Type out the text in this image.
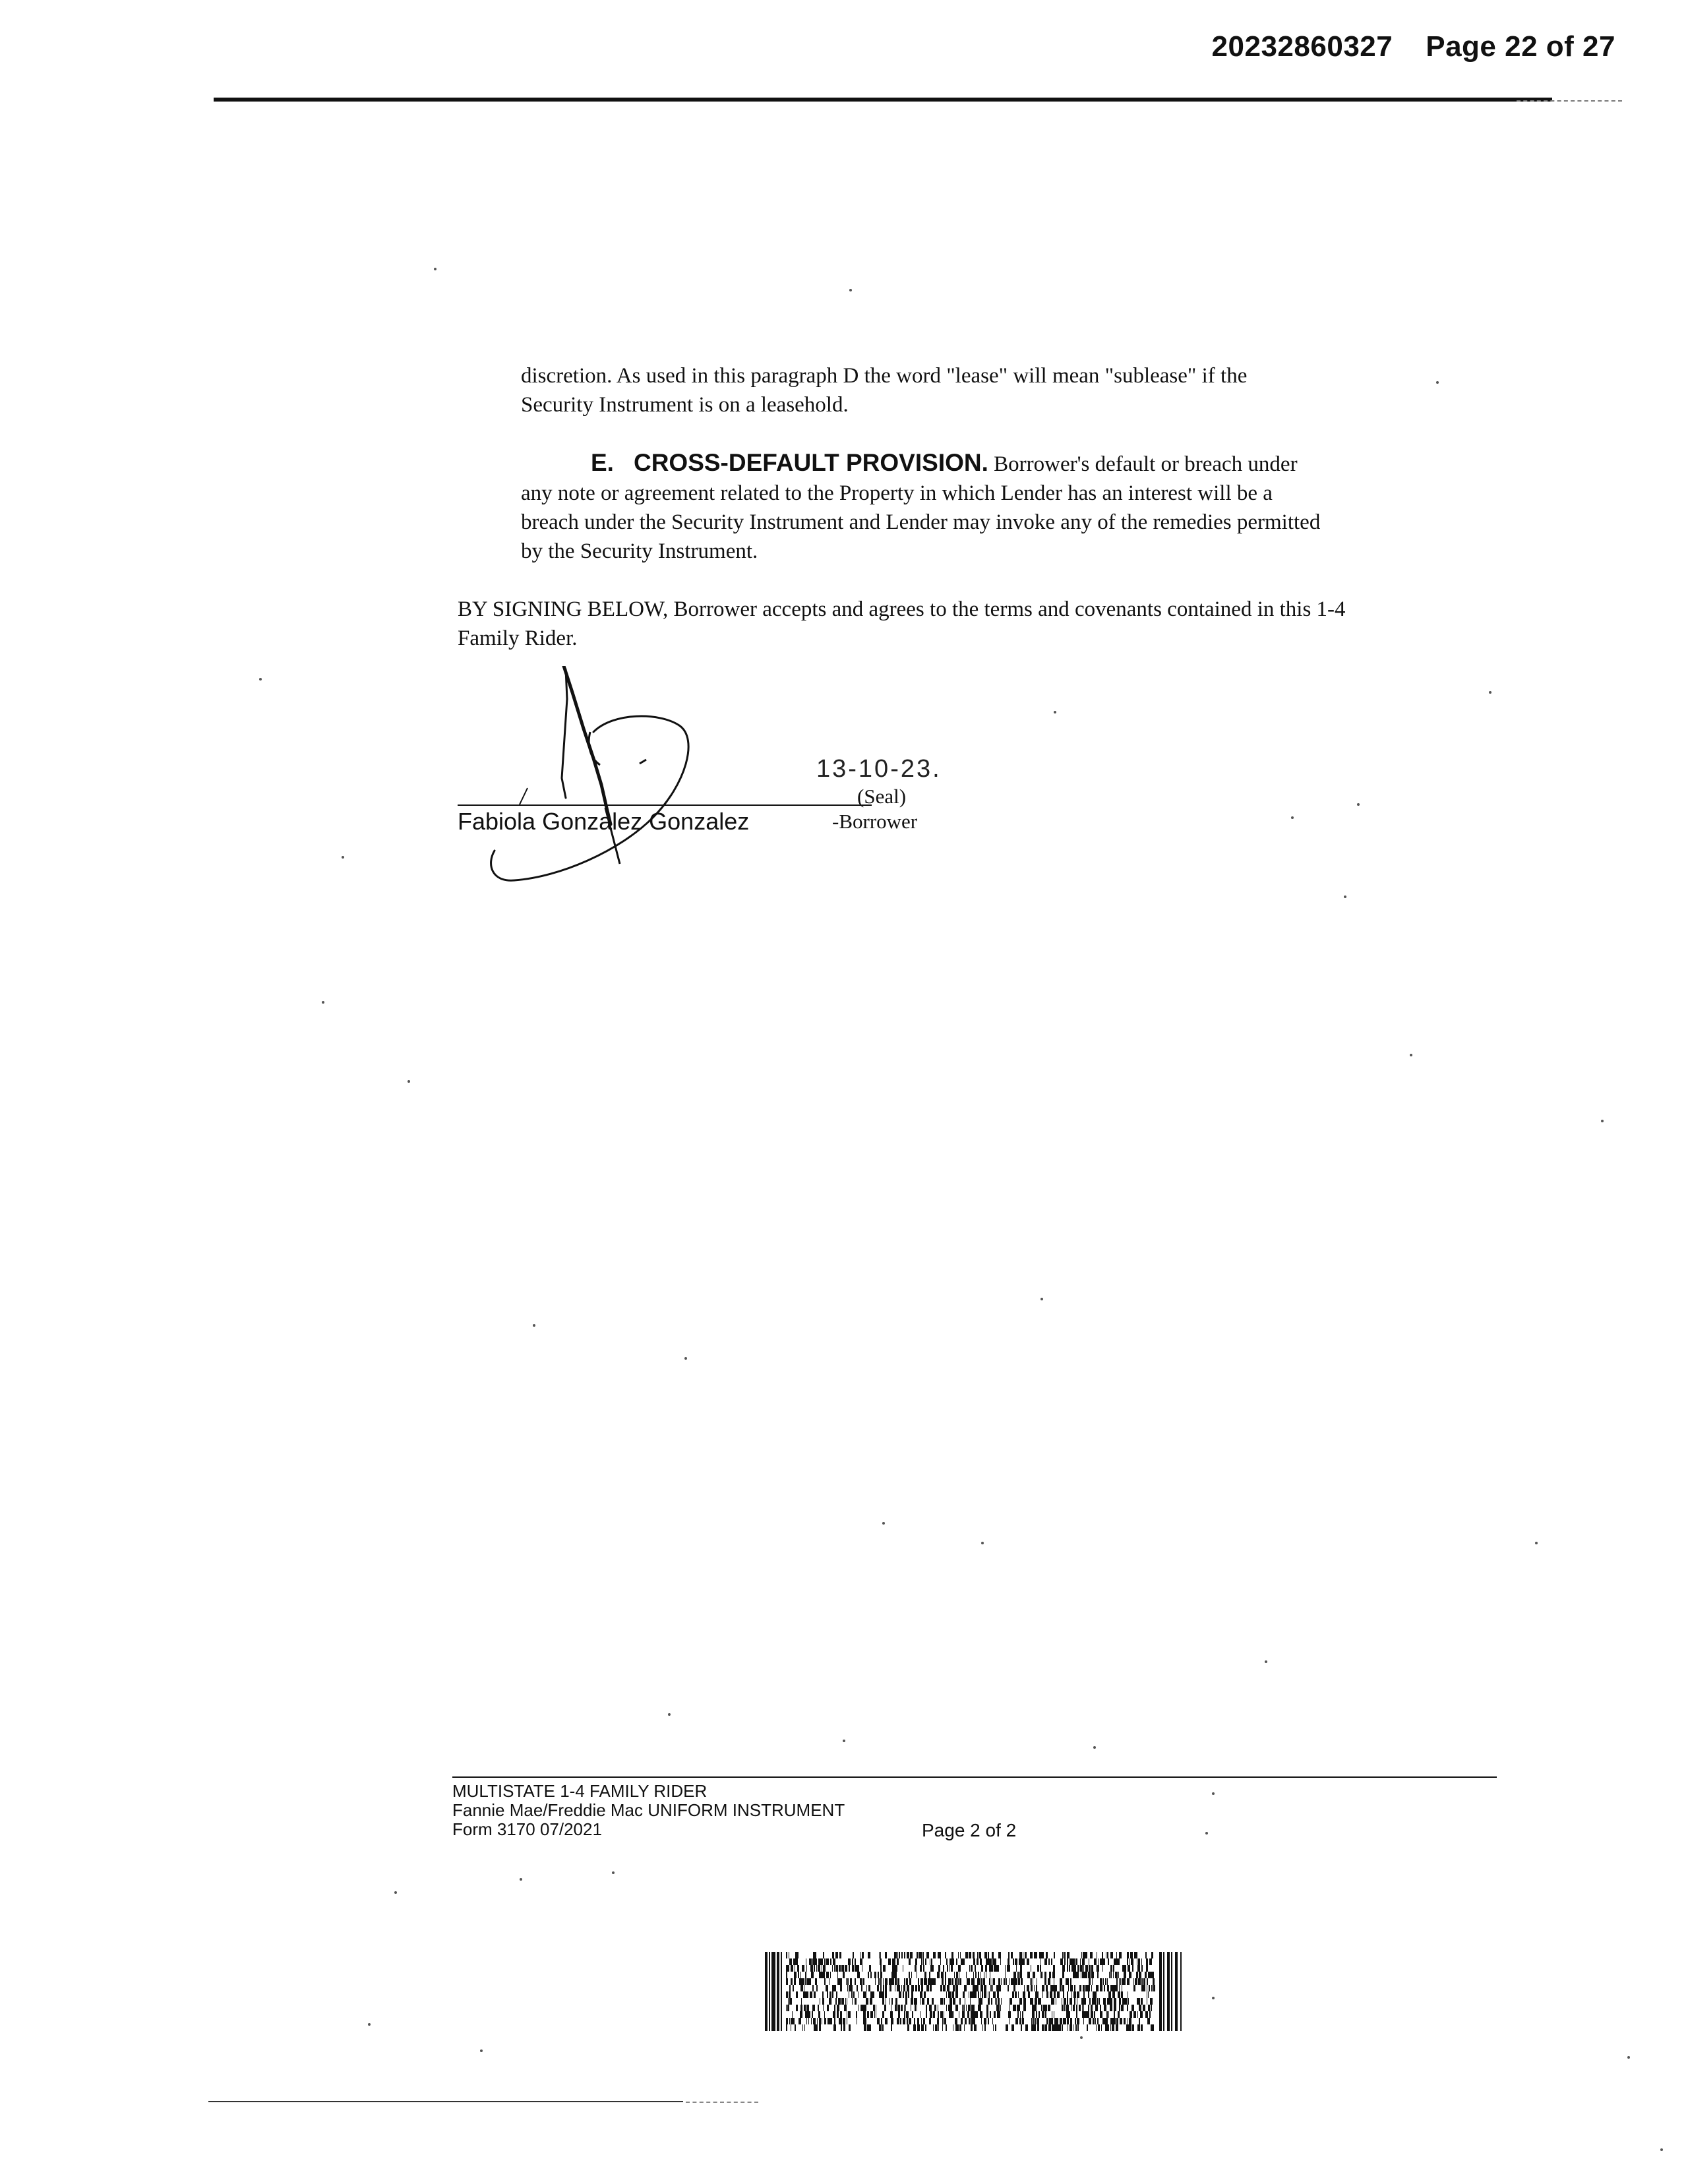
20232860327 Page 22 of 27
discretion. As used in this paragraph D the word "lease" will mean "sublease" if the
Security Instrument is on a leasehold.
E. CROSS-DEFAULT PROVISION. Borrower's default or breach under
any note or agreement related to the Property in which Lender has an interest will be a
breach under the Security Instrument and Lender may invoke any of the remedies permitted
by the Security Instrument.
BY SIGNING BELOW, Borrower accepts and agrees to the terms and covenants contained in this 1-4
Family Rider.
13-10-23.
(Seal)
Fabiola Gonzalez Gonzalez	-Borrower
MULTISTATE 1-4 FAMILY RIDER
Fannie Mae/Freddie Mac UNIFORM INSTRUMENT
Form 3170 07/2021	Page 2 of 2
